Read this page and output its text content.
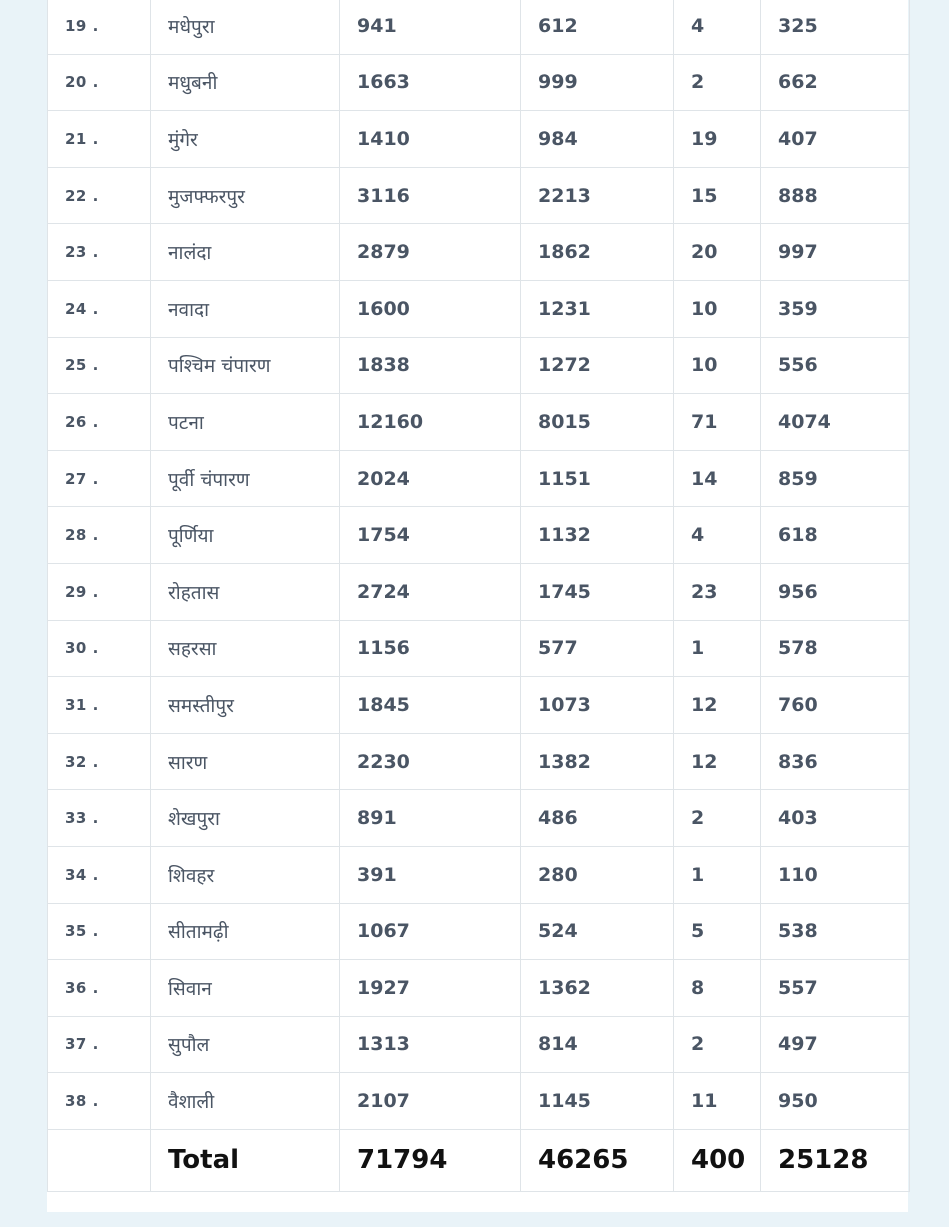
19 .	मधेपुरा	941	612	4	325
20 .	मधुबनी	1663	999	2	662
21 .	मुंगेर	1410	984	19	407
22 .	मुजफ्फरपुर	3116	2213	15	888
23 .	नालंदा	2879	1862	20	997
24 .	नवादा	1600	1231	10	359
25 .	पश्चिम चंपारण	1838	1272	10	556
26 .	पटना	12160	8015	71	4074
27 .	पूर्वी चंपारण	2024	1151	14	859
28 .	पूर्णिया	1754	1132	4	618
29 .	रोहतास	2724	1745	23	956
30 .	सहरसा	1156	577	1	578
31 .	समस्तीपुर	1845	1073	12	760
32 .	सारण	2230	1382	12	836
33 .	शेखपुरा	891	486	2	403
34 .	शिवहर	391	280	1	110
35 .	सीतामढ़ी	1067	524	5	538
36 .	सिवान	1927	1362	8	557
37 .	सुपौल	1313	814	2	497
38 .	वैशाली	2107	1145	11	950
	Total	71794	46265	400	25128
